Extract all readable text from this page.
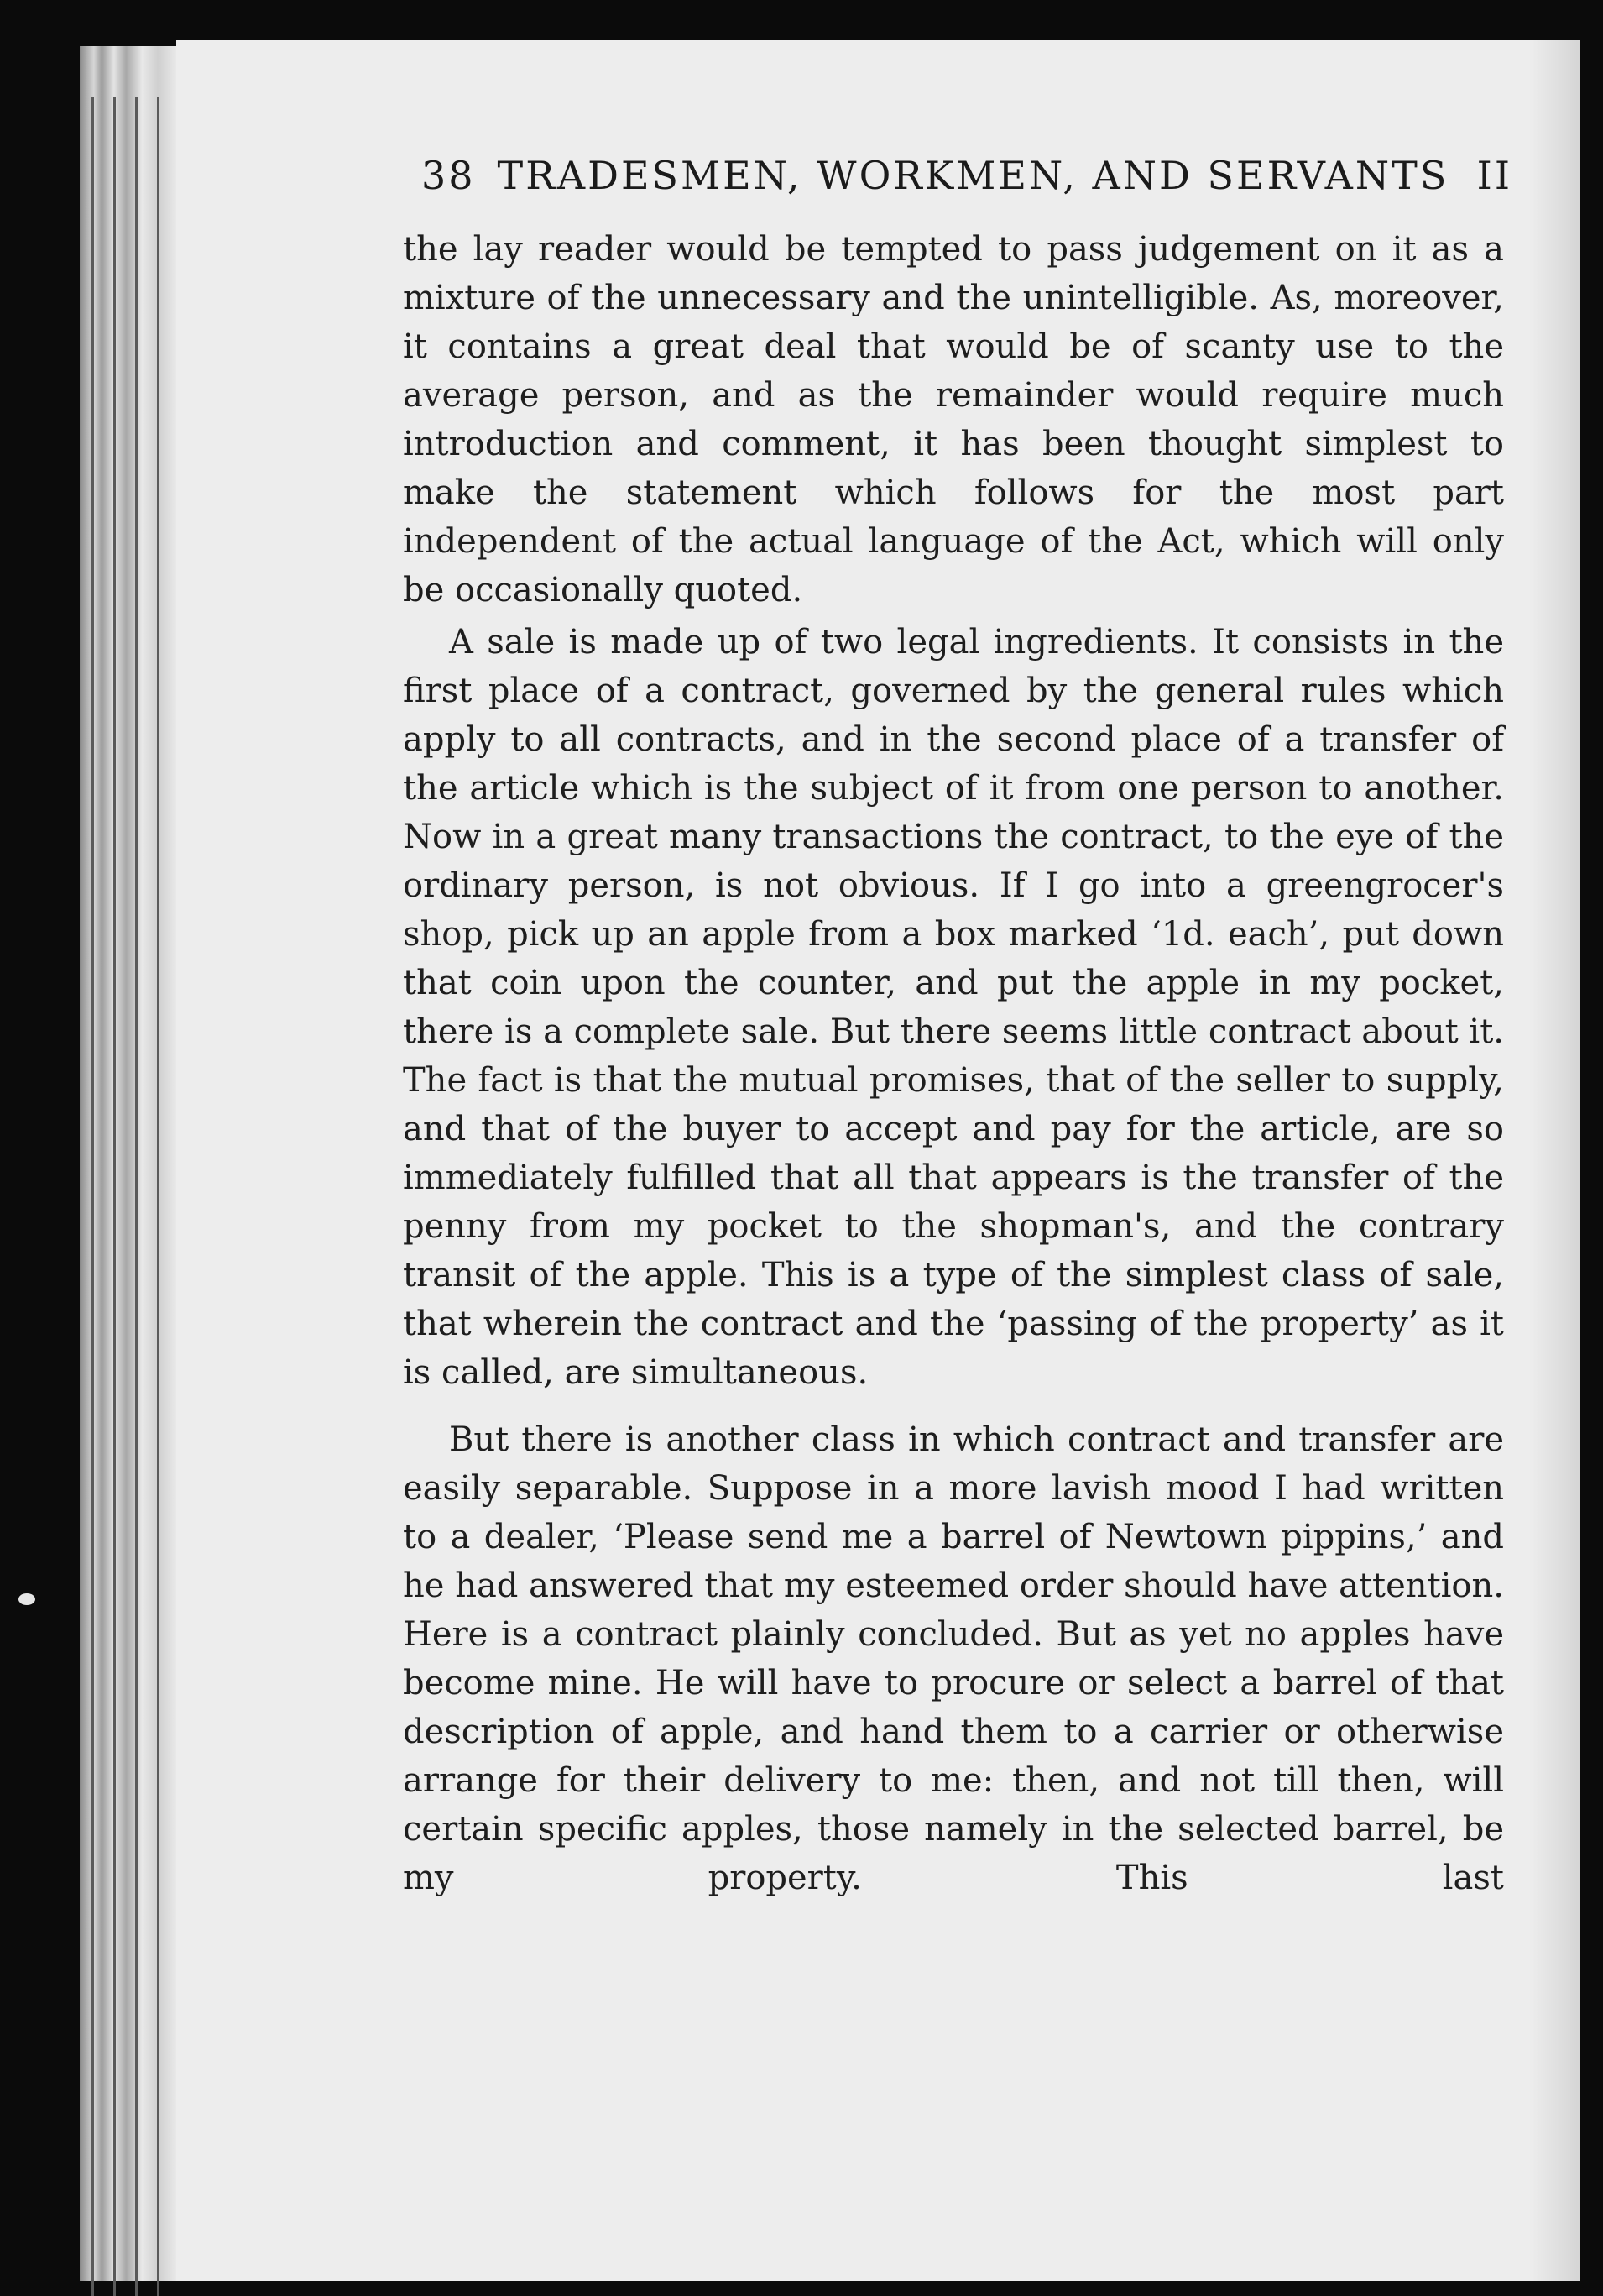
38 TRADESMEN, WORKMEN, AND SERVANTS II

the lay reader would be tempted to pass judgement on it as a mixture of the unnecessary and the unintelligible. As, moreover, it contains a great deal that would be of scanty use to the average person, and as the remainder would require much introduction and comment, it has been thought simplest to make the statement which follows for the most part independent of the actual language of the Act, which will only be occasionally quoted.

A sale is made up of two legal ingredients. It consists in the first place of a contract, governed by the general rules which apply to all contracts, and in the second place of a transfer of the article which is the subject of it from one person to another. Now in a great many transactions the contract, to the eye of the ordinary person, is not obvious. If I go into a greengrocer's shop, pick up an apple from a box marked ‘1d. each’, put down that coin upon the counter, and put the apple in my pocket, there is a complete sale. But there seems little contract about it. The fact is that the mutual promises, that of the seller to supply, and that of the buyer to accept and pay for the article, are so immediately fulfilled that all that appears is the transfer of the penny from my pocket to the shopman's, and the contrary transit of the apple. This is a type of the simplest class of sale, that wherein the contract and the ‘passing of the property’ as it is called, are simultaneous.

But there is another class in which contract and transfer are easily separable. Suppose in a more lavish mood I had written to a dealer, ‘Please send me a barrel of Newtown pippins,’ and he had answered that my esteemed order should have attention. Here is a contract plainly concluded. But as yet no apples have become mine. He will have to procure or select a barrel of that description of apple, and hand them to a carrier or otherwise arrange for their delivery to me: then, and not till then, will certain specific apples, those namely in the selected barrel, be my property. This last
